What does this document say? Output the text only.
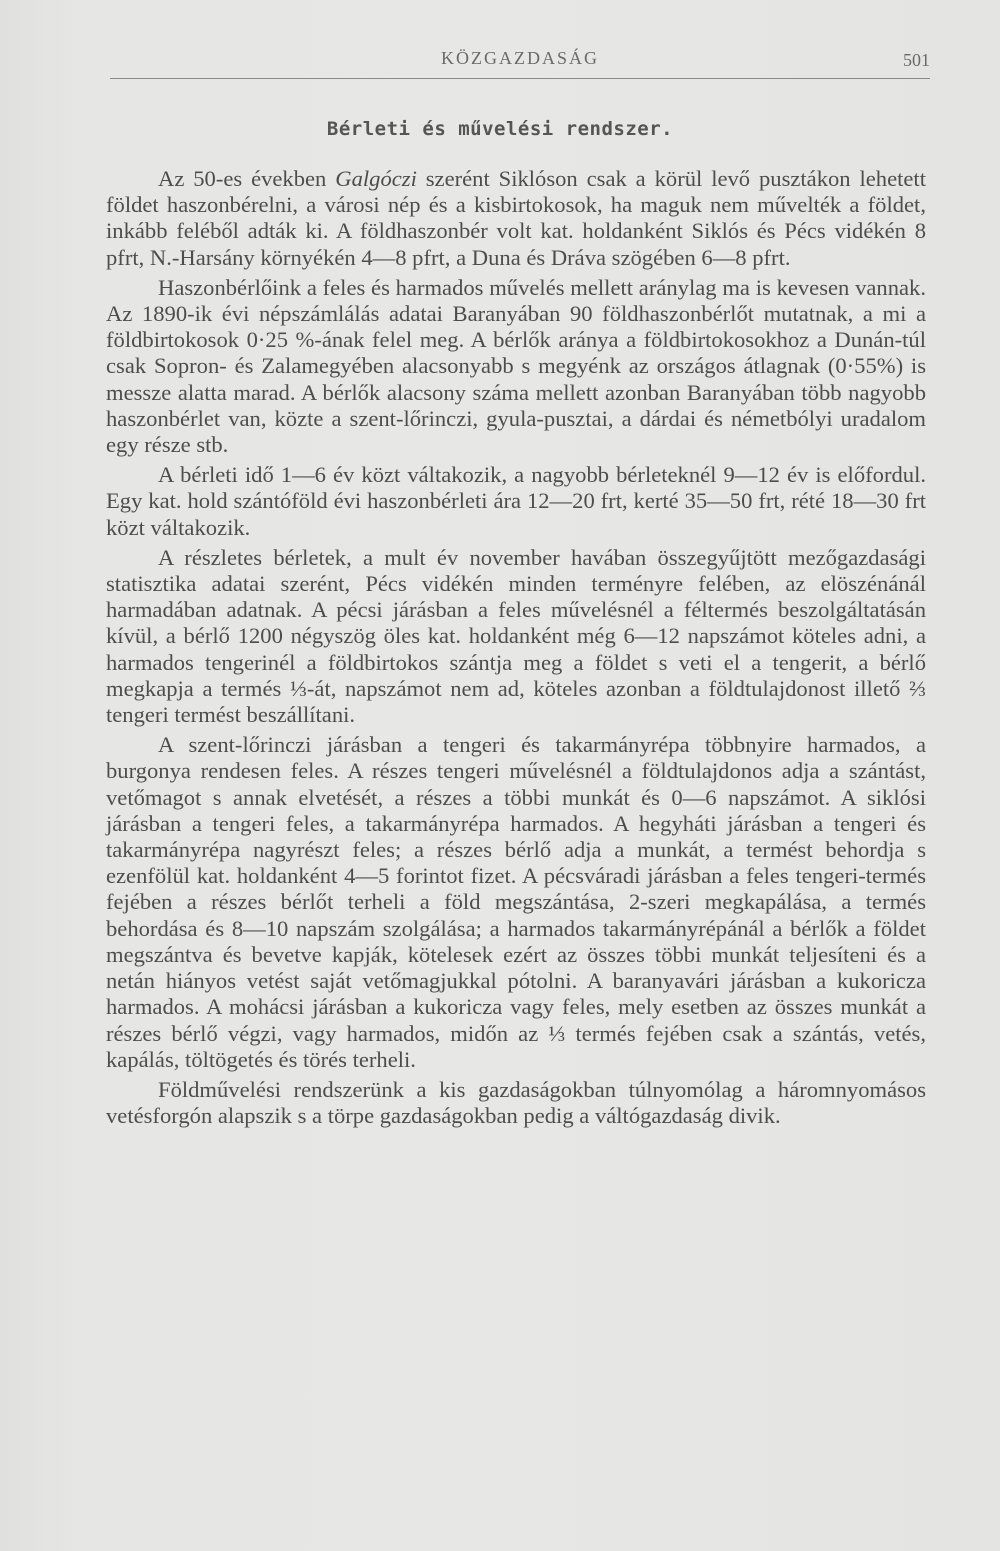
KÖZGAZDASÁG	501
Bérleti és művelési rendszer.

Az 50-es években Galgóczi szerént Siklóson csak a körül levő pusztákon lehetett földet haszonbérelni, a városi nép és a kisbirtokosok, ha maguk nem művelték a földet, inkább feléből adták ki. A földhaszonbér volt kat. holdanként Siklós és Pécs vidékén 8 pfrt, N.-Harsány környékén 4—8 pfrt, a Duna és Dráva szögében 6—8 pfrt.

Haszonbérlőink a feles és harmados művelés mellett aránylag ma is kevesen vannak. Az 1890-ik évi népszámlálás adatai Baranyában 90 földhaszonbérlőt mutatnak, a mi a földbirtokosok 0·25 %-ának felel meg. A bérlők aránya a földbirtokosokhoz a Dunán-túl csak Sopron- és Zalamegyében alacsonyabb s megyénk az országos átlagnak (0·55%) is messze alatta marad. A bérlők alacsony száma mellett azonban Baranyában több nagyobb haszonbérlet van, közte a szent-lőrinczi, gyula-pusztai, a dárdai és németbólyi uradalom egy része stb.

A bérleti idő 1—6 év közt váltakozik, a nagyobb bérleteknél 9—12 év is előfordul. Egy kat. hold szántóföld évi haszonbérleti ára 12—20 frt, kerté 35—50 frt, rété 18—30 frt közt váltakozik.

A részletes bérletek, a mult év november havában összegyűjtött mezőgazdasági statisztika adatai szerént, Pécs vidékén minden terményre felében, az elöszénánál harmadában adatnak. A pécsi járásban a feles művelésnél a féltermés beszolgáltatásán kívül, a bérlő 1200 négyszög öles kat. holdanként még 6—12 napszámot köteles adni, a harmados tengerinél a földbirtokos szántja meg a földet s veti el a tengerit, a bérlő megkapja a termés ⅓-át, napszámot nem ad, köteles azonban a földtulajdonost illető ⅔ tengeri termést beszállítani.

A szent-lőrinczi járásban a tengeri és takarmányrépa többnyire harmados, a burgonya rendesen feles. A részes tengeri művelésnél a földtulajdonos adja a szántást, vetőmagot s annak elvetését, a részes a többi munkát és 0—6 napszámot. A siklósi járásban a tengeri feles, a takarmányrépa harmados. A hegyháti járásban a tengeri és takarmányrépa nagyrészt feles; a részes bérlő adja a munkát, a termést behordja s ezenfölül kat. holdanként 4—5 forintot fizet. A pécsváradi járásban a feles tengeri-termés fejében a részes bérlőt terheli a föld megszántása, 2-szeri megkapálása, a termés behordása és 8—10 napszám szolgálása; a harmados takarmányrépánál a bérlők a földet megszántva és bevetve kapják, kötelesek ezért az összes többi munkát teljesíteni és a netán hiányos vetést saját vetőmagjukkal pótolni. A baranyavári járásban a kukoricza harmados. A mohácsi járásban a kukoricza vagy feles, mely esetben az összes munkát a részes bérlő végzi, vagy harmados, midőn az ⅓ termés fejében csak a szántás, vetés, kapálás, töltögetés és törés terheli.

Földművelési rendszerünk a kis gazdaságokban túlnyomólag a háromnyomásos vetésforgón alapszik s a törpe gazdaságokban pedig a váltógazdaság divik.
